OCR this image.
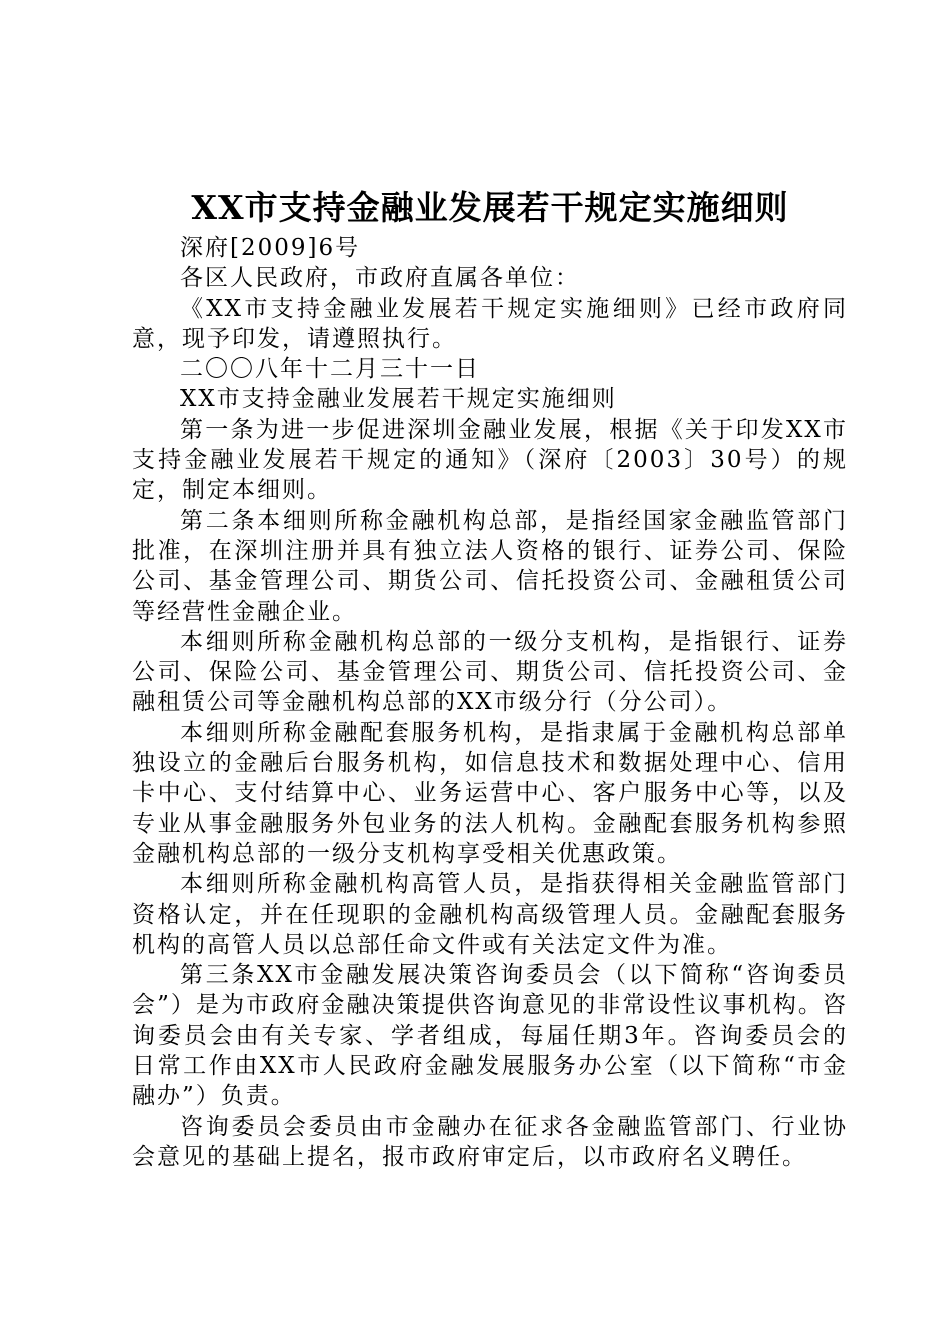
XX市支持金融业发展若干规定实施细则

深府[2009]6号

各区人民政府，市政府直属各单位：

《XX市支持金融业发展若干规定实施细则》已经市政府同意，现予印发，请遵照执行。

二〇〇八年十二月三十一日

XX市支持金融业发展若干规定实施细则

第一条为进一步促进深圳金融业发展，根据《关于印发XX市支持金融业发展若干规定的通知》（深府〔2003〕30号）的规定，制定本细则。

第二条本细则所称金融机构总部，是指经国家金融监管部门批准，在深圳注册并具有独立法人资格的银行、证券公司、保险公司、基金管理公司、期货公司、信托投资公司、金融租赁公司等经营性金融企业。

本细则所称金融机构总部的一级分支机构，是指银行、证券公司、保险公司、基金管理公司、期货公司、信托投资公司、金融租赁公司等金融机构总部的XX市级分行（分公司）。

本细则所称金融配套服务机构，是指隶属于金融机构总部单独设立的金融后台服务机构，如信息技术和数据处理中心、信用卡中心、支付结算中心、业务运营中心、客户服务中心等，以及专业从事金融服务外包业务的法人机构。金融配套服务机构参照金融机构总部的一级分支机构享受相关优惠政策。

本细则所称金融机构高管人员，是指获得相关金融监管部门资格认定，并在任现职的金融机构高级管理人员。金融配套服务机构的高管人员以总部任命文件或有关法定文件为准。

第三条XX市金融发展决策咨询委员会（以下简称“咨询委员会”）是为市政府金融决策提供咨询意见的非常设性议事机构。咨询委员会由有关专家、学者组成，每届任期3年。咨询委员会的日常工作由XX市人民政府金融发展服务办公室（以下简称“市金融办”）负责。

咨询委员会委员由市金融办在征求各金融监管部门、行业协会意见的基础上提名，报市政府审定后，以市政府名义聘任。
